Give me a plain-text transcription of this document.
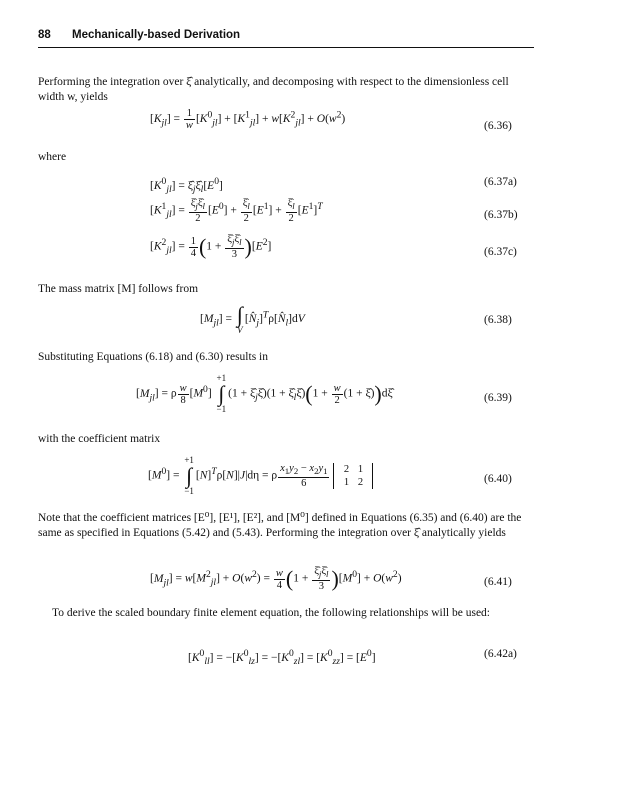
88 Mechanically-based Derivation
Performing the integration over ξ̂ analytically, and decomposing with respect to the dimensionless cell width w, yields
$[K_{jl}] = \frac{1}{w} [K^0_{jl}] + [K^1_{jl}] + w[K^2_{jl}] + O(w^2)$
(6.36)
where
$[K^0_{jl}]$ = $\xî_j\xî_l[E^0]$	(6.37a)
$[K^1_{jl}] = \frac{\xî_j\xî_l}{2} [E^0] + \frac{\xî_l}{2} [E^1] + \frac{\xî_l}{2} [E^1]^T$
(6.37b)
$[K^2_{jl}] = \frac{1}{4} (1 + \frac{\xî_j\xî_l}{3} )[E^2]$	(6.37c)
The mass matrix [M] follows from
$[M_{jl}]$ = ∫
$V[N̂_j]^T\rho[N̂_l]dV$	(6.38)
Substituting Equations (6.18) and (6.30) results in
$[M_{jl}] = \rho \frac{w}{8} [M^0] +1$
∫
$-1(1 + \xî_j\xî)(1$ + $\xî_l\xî)(1 + \frac{w}{2} (1$ + ξ̂))dξ̂	(6.39)
with the coefficient matrix
$[M^0] = +1$
∫
$-1[N]^T\rho[N]|J|d\eta = \rho \frac{x_1y_2 - x_2y_1}{6} 2$ 1
1 2	(6.40)
Note that the coefficient matrices [E⁰], [E¹], [E²], and [M⁰] defined in Equations (6.35) and (6.40) are the same as specified in Equations (5.42) and (5.43). Performing the integration over ξ̂ analytically yields
$[M_{jl}] = w[M^2_{jl}] + O(w^2) = \frac{w}{4} (1 + \frac{\xî_j\xî_l}{3} )[M^0] + O(w^2)$	(6.41)
To derive the scaled boundary finite element equation, the following relationships will be used:
$[K^0_{ll}] = -[K^0_{lz}] = -[K^0_{zl}] = [K^0_{zz}] = [E^0]$	(6.42a)
